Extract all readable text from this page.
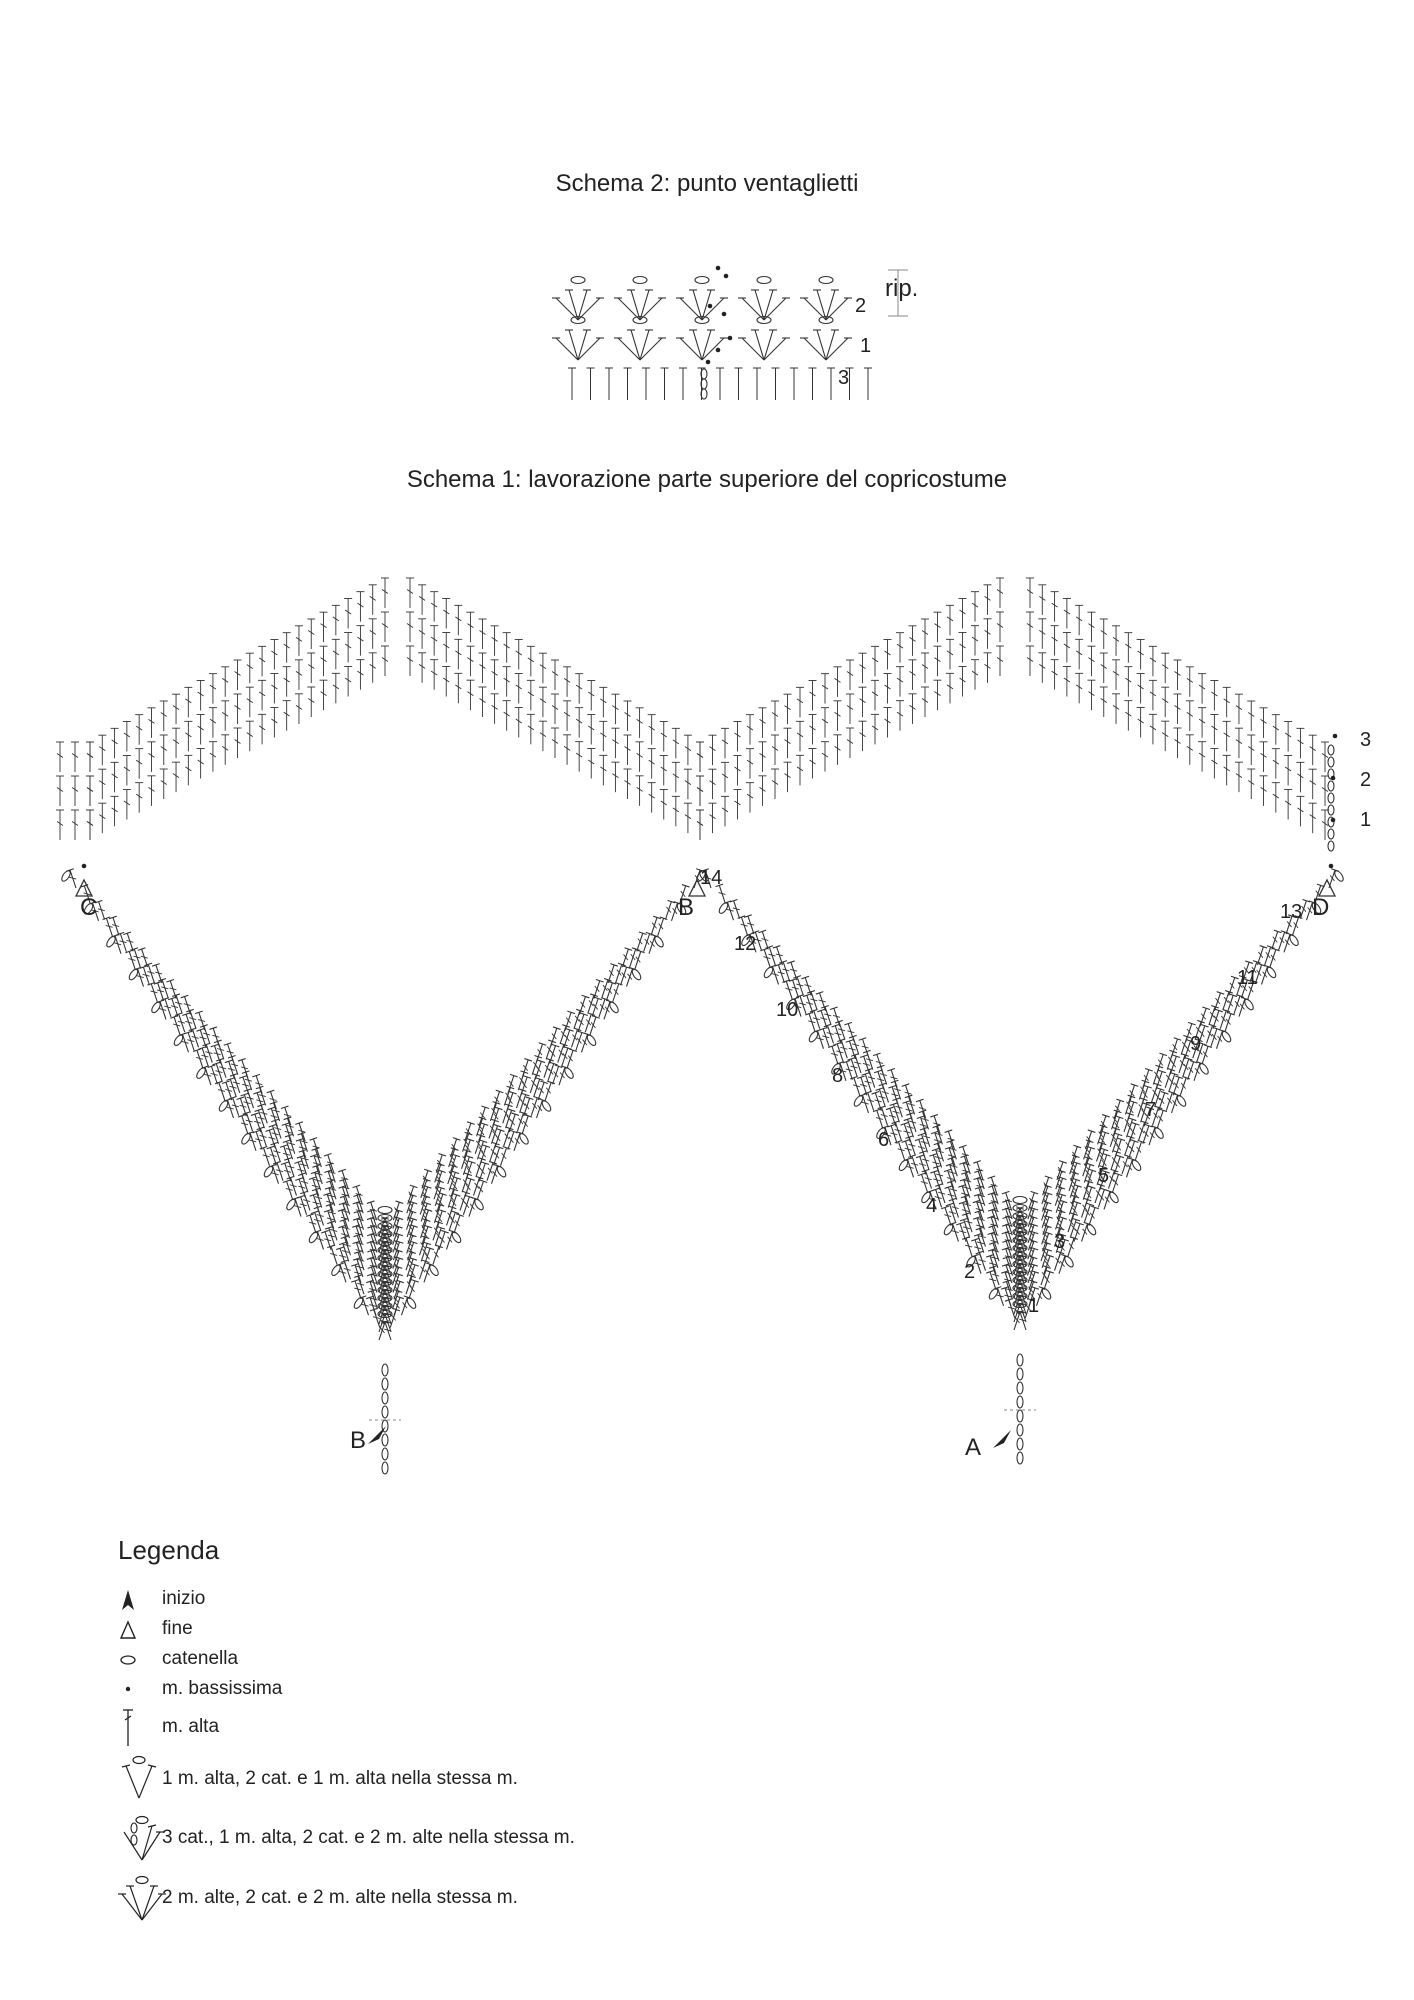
Schema 2: punto ventaglietti
Schema 1: lavorazione parte superiore del copricostume
rip.
2
1
3
C	B	D
B	A
3
2
1
1
2
3
4
5
6
7
8
9
10
11
12
13
14
Legenda
inizio
fine
catenella
m. bassissima
m. alta
1 m. alta, 2 cat. e 1 m. alta nella stessa m.
3 cat., 1 m. alta, 2 cat. e 2 m. alte nella stessa m.
2 m. alte, 2 cat. e 2 m. alte nella stessa m.
